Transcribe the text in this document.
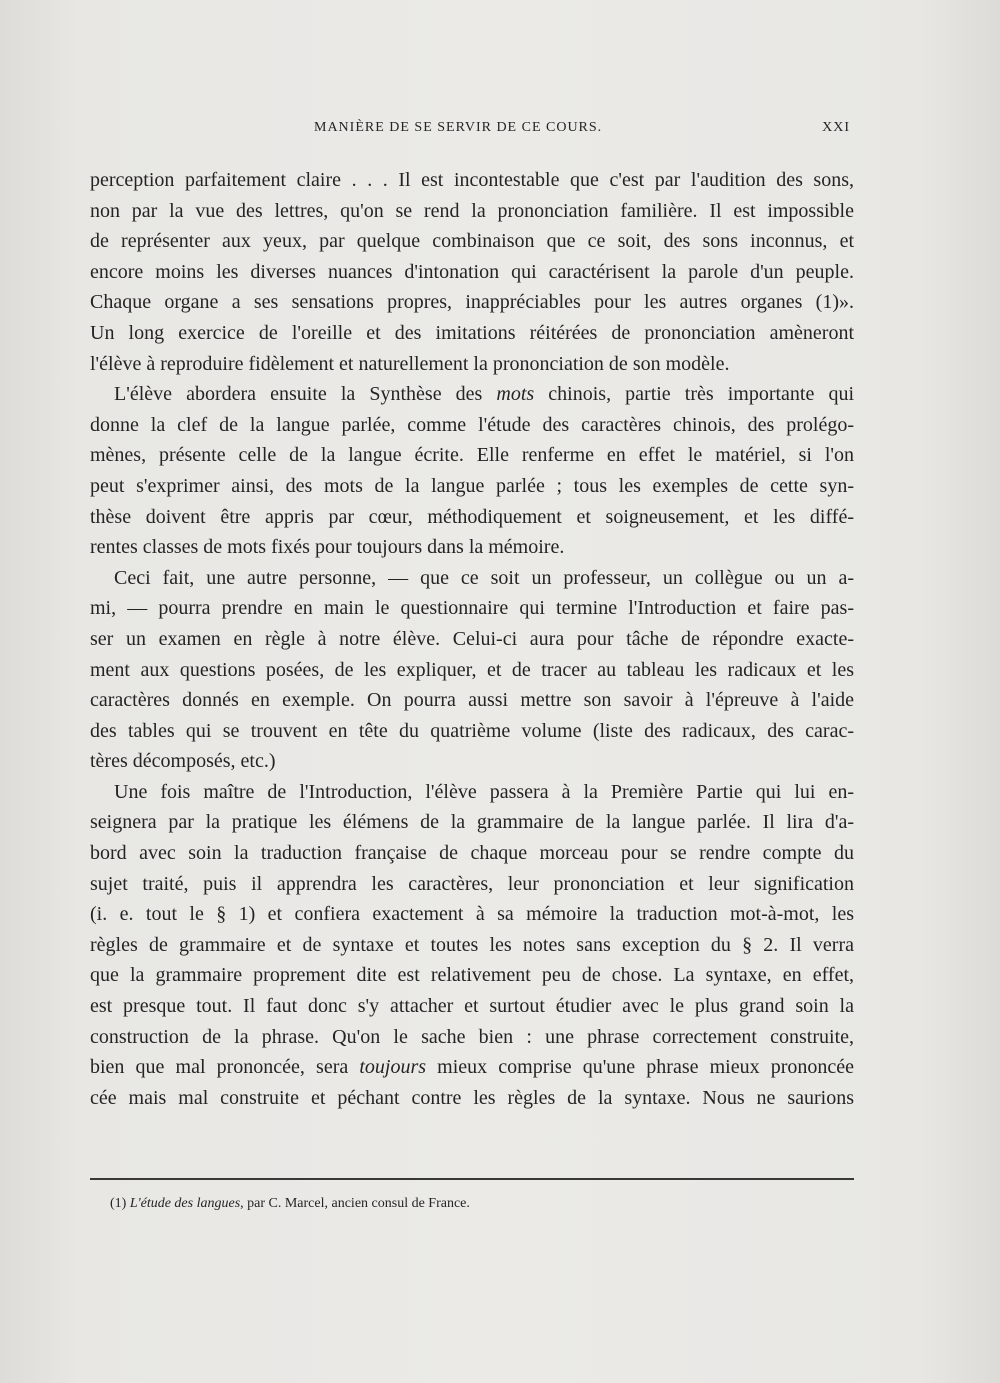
MANIÈRE DE SE SERVIR DE CE COURS.	XXI
perception parfaitement claire . . . Il est incontestable que c'est par l'audition des sons,
non par la vue des lettres, qu'on se rend la prononciation familière. Il est impossible
de représenter aux yeux, par quelque combinaison que ce soit, des sons inconnus, et
encore moins les diverses nuances d'intonation qui caractérisent la parole d'un peuple.
Chaque organe a ses sensations propres, inappréciables pour les autres organes (1)».
Un long exercice de l'oreille et des imitations réitérées de prononciation amèneront
l'élève à reproduire fidèlement et naturellement la prononciation de son modèle.
L'élève abordera ensuite la Synthèse des mots chinois, partie très importante qui
donne la clef de la langue parlée, comme l'étude des caractères chinois, des prolégo-
mènes, présente celle de la langue écrite. Elle renferme en effet le matériel, si l'on
peut s'exprimer ainsi, des mots de la langue parlée ; tous les exemples de cette syn-
thèse doivent être appris par cœur, méthodiquement et soigneusement, et les diffé-
rentes classes de mots fixés pour toujours dans la mémoire.
Ceci fait, une autre personne, — que ce soit un professeur, un collègue ou un a-
mi, — pourra prendre en main le questionnaire qui termine l'Introduction et faire pas-
ser un examen en règle à notre élève. Celui-ci aura pour tâche de répondre exacte-
ment aux questions posées, de les expliquer, et de tracer au tableau les radicaux et les
caractères donnés en exemple. On pourra aussi mettre son savoir à l'épreuve à l'aide
des tables qui se trouvent en tête du quatrième volume (liste des radicaux, des carac-
tères décomposés, etc.)
Une fois maître de l'Introduction, l'élève passera à la Première Partie qui lui en-
seignera par la pratique les élémens de la grammaire de la langue parlée. Il lira d'a-
bord avec soin la traduction française de chaque morceau pour se rendre compte du
sujet traité, puis il apprendra les caractères, leur prononciation et leur signification
(i. e. tout le § 1) et confiera exactement à sa mémoire la traduction mot-à-mot, les
règles de grammaire et de syntaxe et toutes les notes sans exception du § 2. Il verra
que la grammaire proprement dite est relativement peu de chose. La syntaxe, en effet,
est presque tout. Il faut donc s'y attacher et surtout étudier avec le plus grand soin la
construction de la phrase. Qu'on le sache bien : une phrase correctement construite,
bien que mal prononcée, sera toujours mieux comprise qu'une phrase mieux prononcée
cée mais mal construite et péchant contre les règles de la syntaxe. Nous ne saurions
(1) L'étude des langues, par C. Marcel, ancien consul de France.
